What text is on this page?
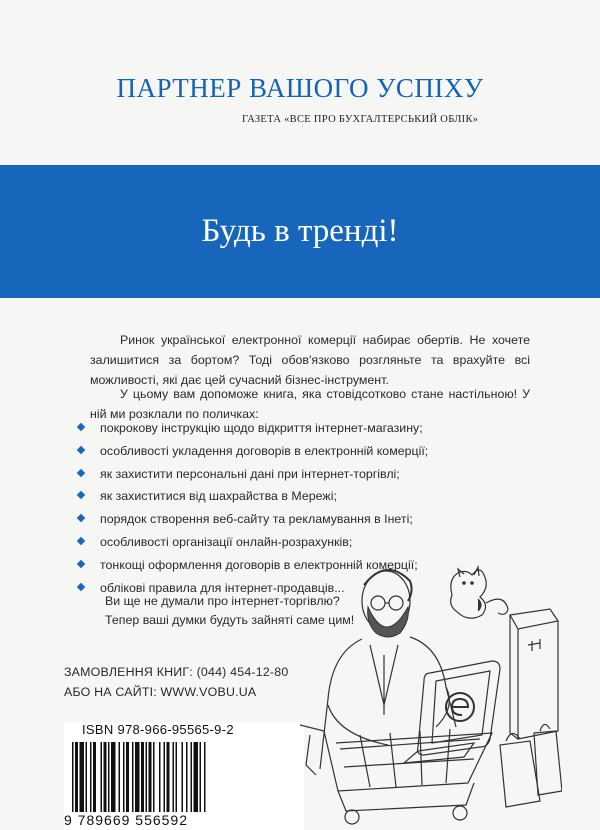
ПАРТНЕР ВАШОГО УСПІХУ
ГАЗЕТА «ВСЕ ПРО БУХГАЛТЕРСЬКИЙ ОБЛІК»
Будь в тренді!

Ринок української електронної комерції набирає обертів. Не хочете залишитися за бортом? Тоді обов'язково розгляньте та врахуйте всі можливості, які дає цей сучасний бізнес-інструмент.

У цьому вам допоможе книга, яка стовідсотково стане настільною! У ній ми розклали по поличках:

покрокову інструкцію щодо відкриття інтернет-магазину;
особливості укладення договорів в електронній комерції;
як захистити персональні дані при інтернет-торгівлі;
як захиститися від шахрайства в Мережі;
порядок створення веб-сайту та рекламування в Інеті;
особливості організації онлайн-розрахунків;
тонкощі оформлення договорів в електронній комерції;
облікові правила для інтернет-продавців...
Ви ще не думали про інтернет-торгівлю?
Тепер ваші думки будуть зайняті саме цим!
ЗАМОВЛЕННЯ КНИГ: (044) 454-12-80
АБО НА САЙТІ: WWW.VOBU.UA
ISBN 978-966-95565-9-2
9 789669 556592
